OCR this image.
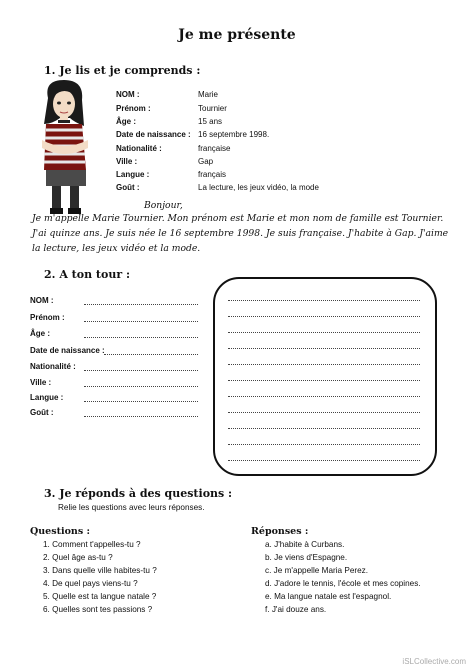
Je me présente
1. Je lis et je comprends :
NOM :	Marie
Prénom :	Tournier
Âge :	15 ans
Date de naissance : 16 septembre 1998.
Nationalité :	française
Ville :	Gap
Langue :	français
Goût :	La lecture, les jeux vidéo, la mode
Bonjour,
Je m'appelle Marie Tournier. Mon prénom est Marie et mon nom de famille est Tournier.
J'ai quinze ans. Je suis née le 16 septembre 1998. Je suis française. J'habite à Gap. J'aime
la lecture, les jeux vidéo et la mode.
2. A ton tour :
NOM :
Prénom :
Âge :
Date de naissance :
Nationalité :
Ville :
Langue :
Goût :
3. Je réponds à des questions :
Relie les questions avec leurs réponses.
Questions :	Réponses :
1. Comment t'appelles-tu ?
2. Quel âge as-tu ?
3. Dans quelle ville habites-tu ?
4. De quel pays viens-tu ?
5. Quelle est ta langue natale ?
6. Quelles sont tes passions ?
a. J'habite à Curbans.
b. Je viens d'Espagne.
c. Je m'appelle Maria Perez.
d. J'adore le tennis, l'école et mes copines.
e. Ma langue natale est l'espagnol.
f. J'ai douze ans.
iSLCollective.com
